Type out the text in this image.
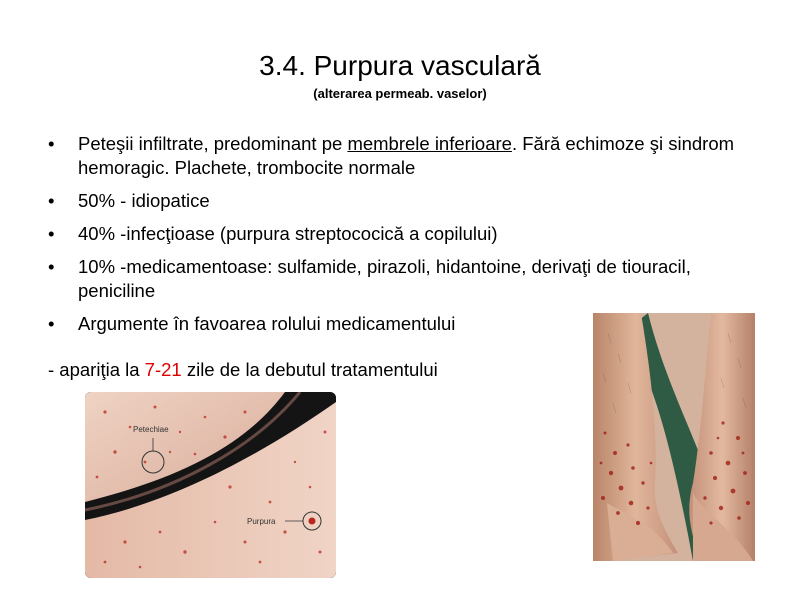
3.4. Purpura vasculară
(alterarea permeab. vaselor)
• Peteşii infiltrate, predominant pe membrele inferioare. Fără echimoze şi sindrom hemoragic. Plachete, trombocite normale
• 50% - idiopatice
• 40% -infecţioase (purpura streptococică a copilului)
• 10% -medicamentoase: sulfamide, pirazoli, hidantoine, derivaţi de tiouracil, peniciline
• Argumente în favoarea rolului medicamentului
- apariţia la 7-21 zile de la debutul tratamentului
Petechiae
Purpura
